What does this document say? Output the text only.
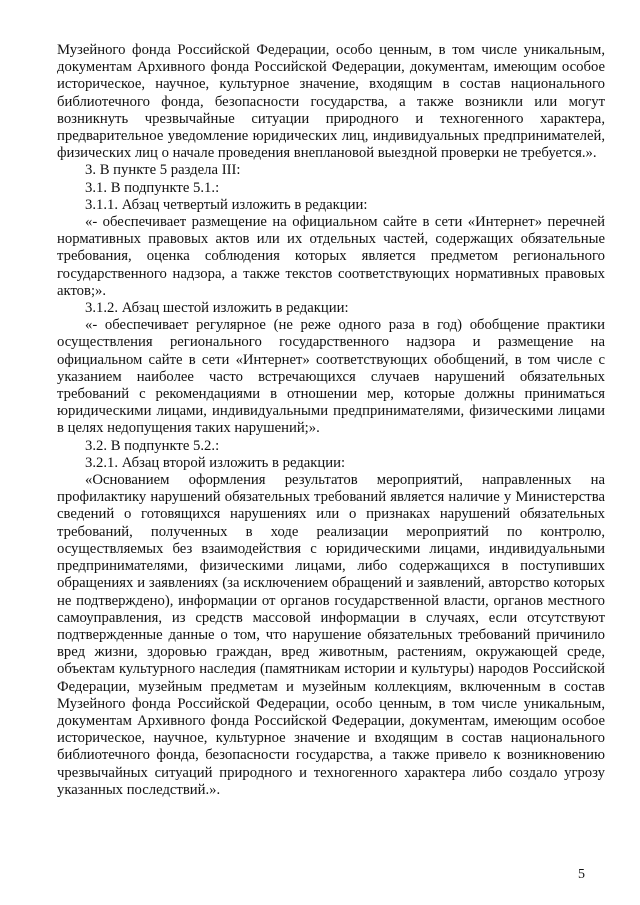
Музейного фонда Российской Федерации, особо ценным, в том числе уникальным, документам Архивного фонда Российской Федерации, документам, имеющим особое историческое, научное, культурное значение, входящим в состав национального библиотечного фонда, безопасности государства, а также возникли или могут возникнуть чрезвычайные ситуации природного и техногенного характера, предварительное уведомление юридических лиц, индивидуальных предпринимателей, физических лиц о начале проведения внеплановой выездной проверки не требуется.».

3. В пункте 5 раздела III:

3.1. В подпункте 5.1.:

3.1.1. Абзац четвертый изложить в редакции:

«- обеспечивает размещение на официальном сайте в сети «Интернет» перечней нормативных правовых актов или их отдельных частей, содержащих обязательные требования, оценка соблюдения которых является предметом регионального государственного надзора, а также текстов соответствующих нормативных правовых актов;».

3.1.2. Абзац шестой изложить в редакции:

«- обеспечивает регулярное (не реже одного раза в год) обобщение практики осуществления регионального государственного надзора и размещение на официальном сайте в сети «Интернет» соответствующих обобщений, в том числе с указанием наиболее часто встречающихся случаев нарушений обязательных требований с рекомендациями в отношении мер, которые должны приниматься юридическими лицами, индивидуальными предпринимателями, физическими лицами в целях недопущения таких нарушений;».

3.2. В подпункте 5.2.:

3.2.1. Абзац второй изложить в редакции:

«Основанием оформления результатов мероприятий, направленных на профилактику нарушений обязательных требований является наличие у Министерства сведений о готовящихся нарушениях или о признаках нарушений обязательных требований, полученных в ходе реализации мероприятий по контролю, осуществляемых без взаимодействия с юридическими лицами, индивидуальными предпринимателями, физическими лицами, либо содержащихся в поступивших обращениях и заявлениях (за исключением обращений и заявлений, авторство которых не подтверждено), информации от органов государственной власти, органов местного самоуправления, из средств массовой информации в случаях, если отсутствуют подтвержденные данные о том, что нарушение обязательных требований причинило вред жизни, здоровью граждан, вред животным, растениям, окружающей среде, объектам культурного наследия (памятникам истории и культуры) народов Российской Федерации, музейным предметам и музейным коллекциям, включенным в состав Музейного фонда Российской Федерации, особо ценным, в том числе уникальным, документам Архивного фонда Российской Федерации, документам, имеющим особое историческое, научное, культурное значение и входящим в состав национального библиотечного фонда, безопасности государства, а также привело к возникновению чрезвычайных ситуаций природного и техногенного характера либо создало угрозу указанных последствий.».

5
